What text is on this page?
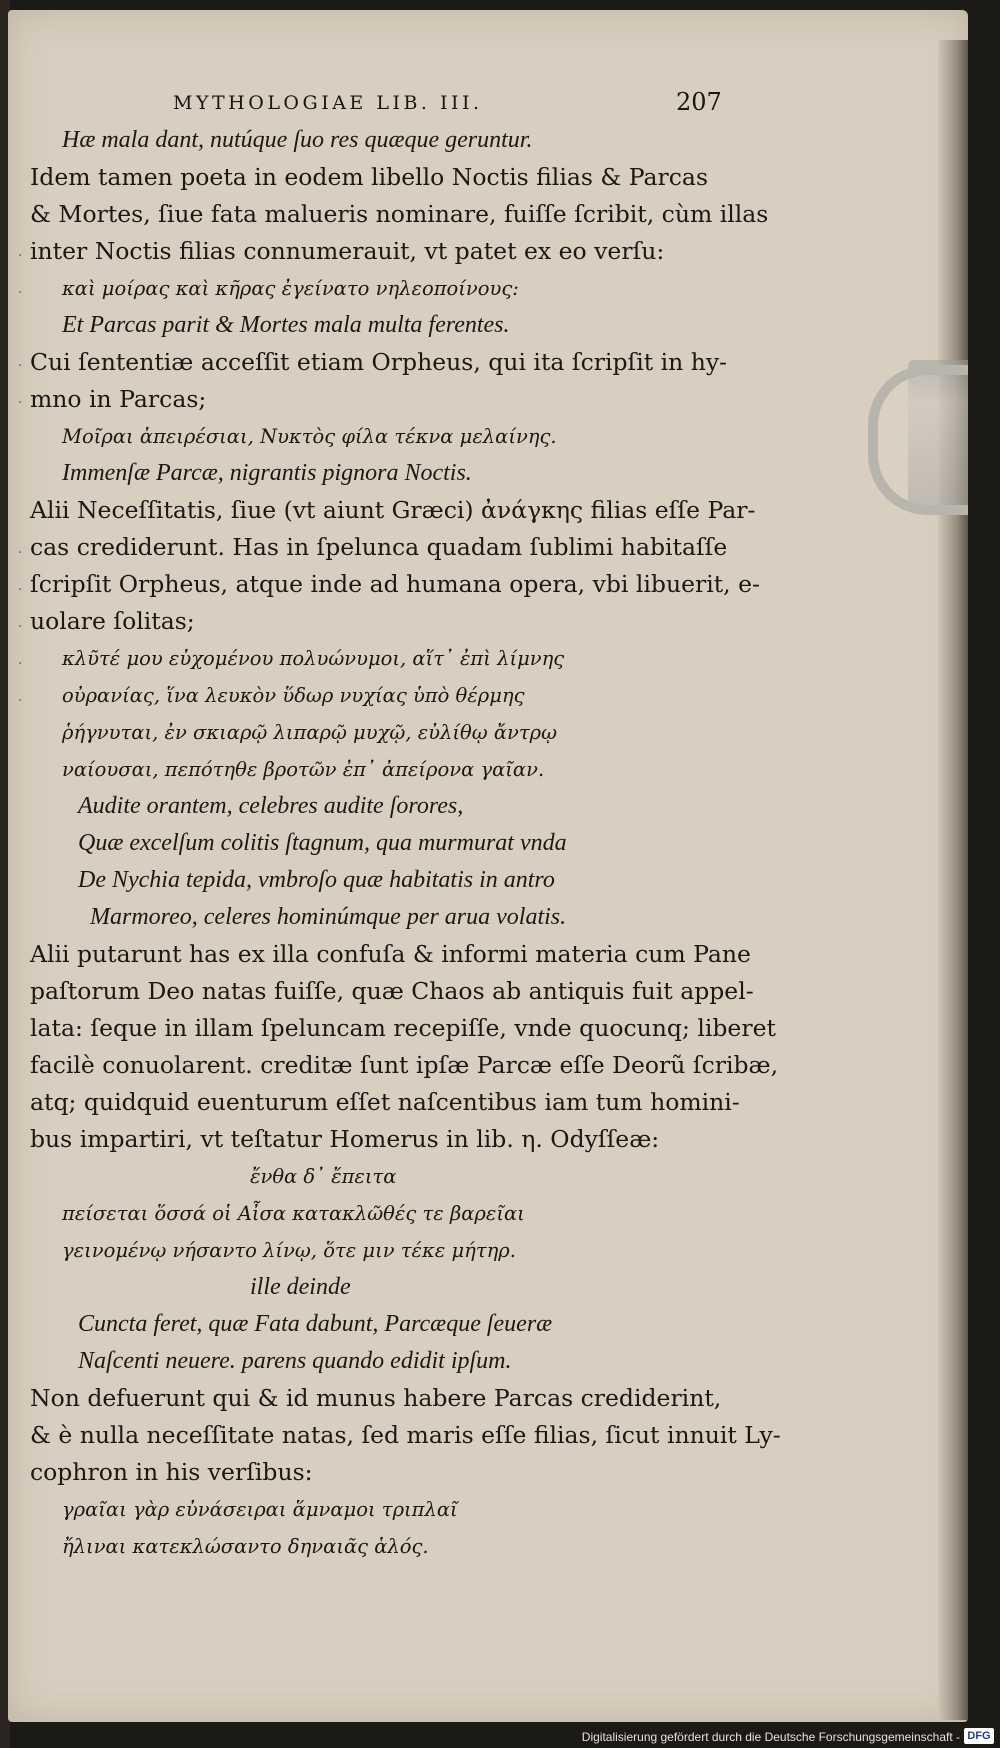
MYTHOLOGIAE LIB. III.	207
Hæ mala dant, nutúque ſuo res quæque geruntur.
Idem tamen poeta in eodem libello Noctis filias & Parcas
& Mortes, ſiue fata malueris nominare, fuiſſe ſcribit, cùm illas
inter Noctis filias connumerauit, vt patet ex eo verſu:
καὶ μοίρας καὶ κῆρας ἐγείνατο νηλεοποίνους:
Et Parcas parit & Mortes mala multa ferentes.
Cui ſententiæ acceſſit etiam Orpheus, qui ita ſcripſit in hy-
mno in Parcas;
Μοῖραι ἀπειρέσιαι, Νυκτὸς φίλα τέκνα μελαίνης.
Immenſæ Parcæ, nigrantis pignora Noctis.
Alii Neceſſitatis, ſiue (vt aiunt Græci) ἀνάγκης filias eſſe Par-
cas crediderunt. Has in ſpelunca quadam ſublimi habitaſſe
ſcripſit Orpheus, atque inde ad humana opera, vbi libuerit, e-
uolare ſolitas;
κλῦτέ μου εὐχομένου πολυώνυμοι, αἵτ᾽ ἐπὶ λίμνης
οὐρανίας, ἵνα λευκὸν ὕδωρ νυχίας ὑπὸ θέρμης
ῥήγνυται, ἐν σκιαρῷ λιπαρῷ μυχῷ, εὐλίθῳ ἄντρῳ
ναίουσαι, πεπότηθε βροτῶν ἐπ᾽ ἀπείρονα γαῖαν.
Audite orantem, celebres audite ſorores,
Quæ excelſum colitis ſtagnum, qua murmurat vnda
De Nychia tepida, vmbroſo quæ habitatis in antro
Marmoreo, celeres hominúmque per arua volatis.
Alii putarunt has ex illa confuſa & informi materia cum Pane
paſtorum Deo natas fuiſſe, quæ Chaos ab antiquis fuit appel-
lata: ſeque in illam ſpeluncam recepiſſe, vnde quocunq; liberet
facilè conuolarent. creditæ ſunt ipſæ Parcæ eſſe Deorũ ſcribæ,
atq; quidquid euenturum eſſet naſcentibus iam tum homini-
bus impartiri, vt teſtatur Homerus in lib. η. Odyſſeæ:
ἔνθα δ᾽ ἔπειτα
πείσεται ὅσσά οἱ Αἶσα κατακλῶθές τε βαρεῖαι
γεινομένῳ νήσαντο λίνῳ, ὅτε μιν τέκε μήτηρ.
ille deinde
Cuncta feret, quæ Fata dabunt, Parcæque ſeueræ
Naſcenti neuere. parens quando edidit ipſum.
Non defuerunt qui & id munus habere Parcas crediderint,
& è nulla neceſſitate natas, ſed maris eſſe filias, ſicut innuit Ly-
cophron in his verſibus:
γραῖαι γὰρ εὐνάσειραι ἅμναμοι τριπλαῖ
ἤλιναι κατεκλώσαντο δηναιᾶς ἁλός.
·
·
·
·
·
·
·
·
·
Digitalisierung gefördert durch die Deutsche Forschungsgemeinschaft - DFG
